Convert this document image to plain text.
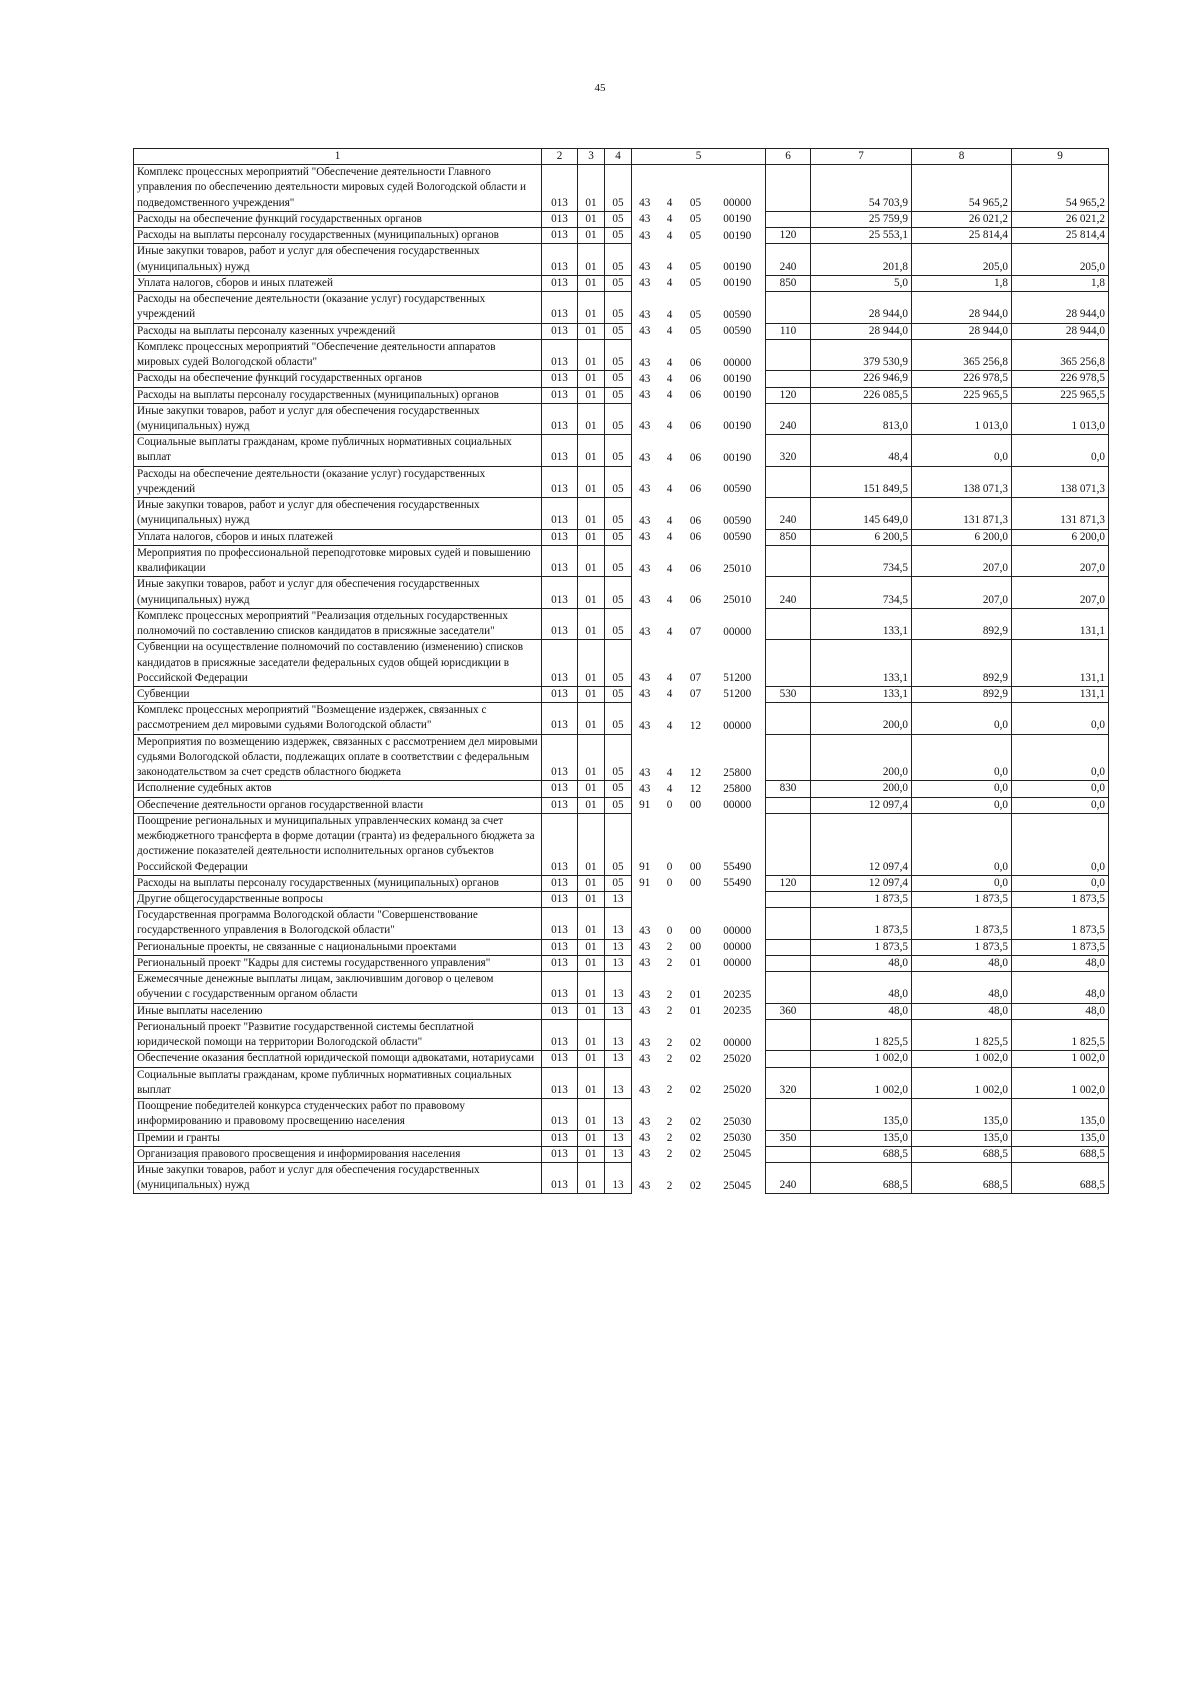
45
1	2	3	4	5				6	7	8	9
Комплекс процессных мероприятий "Обеспечение деятельности Главного управления по обеспечению деятельности мировых судей Вологодской области и подведомственного учреждения"	013	01	05	43	4	05	00000		54 703,9	54 965,2	54 965,2
Расходы на обеспечение функций государственных органов	013	01	05	43	4	05	00190		25 759,9	26 021,2	26 021,2
Расходы на выплаты персоналу государственных (муниципальных) органов	013	01	05	43	4	05	00190	120	25 553,1	25 814,4	25 814,4
Иные закупки товаров, работ и услуг для обеспечения государственных (муниципальных) нужд	013	01	05	43	4	05	00190	240	201,8	205,0	205,0
Уплата налогов, сборов и иных платежей	013	01	05	43	4	05	00190	850	5,0	1,8	1,8
Расходы на обеспечение деятельности (оказание услуг) государственных учреждений	013	01	05	43	4	05	00590		28 944,0	28 944,0	28 944,0
Расходы на выплаты персоналу казенных учреждений	013	01	05	43	4	05	00590	110	28 944,0	28 944,0	28 944,0
Комплекс процессных мероприятий "Обеспечение деятельности аппаратов мировых судей Вологодской области"	013	01	05	43	4	06	00000		379 530,9	365 256,8	365 256,8
Расходы на обеспечение функций государственных органов	013	01	05	43	4	06	00190		226 946,9	226 978,5	226 978,5
Расходы на выплаты персоналу государственных (муниципальных) органов	013	01	05	43	4	06	00190	120	226 085,5	225 965,5	225 965,5
Иные закупки товаров, работ и услуг для обеспечения государственных (муниципальных) нужд	013	01	05	43	4	06	00190	240	813,0	1 013,0	1 013,0
Социальные выплаты гражданам, кроме публичных нормативных социальных выплат	013	01	05	43	4	06	00190	320	48,4	0,0	0,0
Расходы на обеспечение деятельности (оказание услуг) государственных учреждений	013	01	05	43	4	06	00590		151 849,5	138 071,3	138 071,3
Иные закупки товаров, работ и услуг для обеспечения государственных (муниципальных) нужд	013	01	05	43	4	06	00590	240	145 649,0	131 871,3	131 871,3
Уплата налогов, сборов и иных платежей	013	01	05	43	4	06	00590	850	6 200,5	6 200,0	6 200,0
Мероприятия по профессиональной переподготовке мировых судей и повышению квалификации	013	01	05	43	4	06	25010		734,5	207,0	207,0
Иные закупки товаров, работ и услуг для обеспечения государственных (муниципальных) нужд	013	01	05	43	4	06	25010	240	734,5	207,0	207,0
Комплекс процессных мероприятий "Реализация отдельных государственных полномочий по составлению списков кандидатов в присяжные заседатели"	013	01	05	43	4	07	00000		133,1	892,9	131,1
Субвенции на осуществление полномочий по составлению (изменению) списков кандидатов в присяжные заседатели федеральных судов общей юрисдикции в Российской Федерации	013	01	05	43	4	07	51200		133,1	892,9	131,1
Субвенции	013	01	05	43	4	07	51200	530	133,1	892,9	131,1
Комплекс процессных мероприятий "Возмещение издержек, связанных с рассмотрением дел мировыми судьями Вологодской области"	013	01	05	43	4	12	00000		200,0	0,0	0,0
Мероприятия по возмещению издержек, связанных с рассмотрением дел мировыми судьями Вологодской области, подлежащих оплате в соответствии с федеральным законодательством за счет средств областного бюджета	013	01	05	43	4	12	25800		200,0	0,0	0,0
Исполнение судебных актов	013	01	05	43	4	12	25800	830	200,0	0,0	0,0
Обеспечение деятельности органов государственной власти	013	01	05	91	0	00	00000		12 097,4	0,0	0,0
Поощрение региональных и муниципальных управленческих команд за счет межбюджетного трансферта в форме дотации (гранта) из федерального бюджета за достижение показателей деятельности исполнительных органов субъектов Российской Федерации	013	01	05	91	0	00	55490		12 097,4	0,0	0,0
Расходы на выплаты персоналу государственных (муниципальных) органов	013	01	05	91	0	00	55490	120	12 097,4	0,0	0,0
Другие общегосударственные вопросы	013	01	13						1 873,5	1 873,5	1 873,5
Государственная программа Вологодской области "Совершенствование государственного управления в Вологодской области"	013	01	13	43	0	00	00000		1 873,5	1 873,5	1 873,5
Региональные проекты, не связанные с национальными проектами	013	01	13	43	2	00	00000		1 873,5	1 873,5	1 873,5
Региональный проект "Кадры для системы государственного управления"	013	01	13	43	2	01	00000		48,0	48,0	48,0
Ежемесячные денежные выплаты лицам, заключившим договор о целевом обучении с государственным органом области	013	01	13	43	2	01	20235		48,0	48,0	48,0
Иные выплаты населению	013	01	13	43	2	01	20235	360	48,0	48,0	48,0
Региональный проект "Развитие государственной системы бесплатной юридической помощи на территории Вологодской области"	013	01	13	43	2	02	00000		1 825,5	1 825,5	1 825,5
Обеспечение оказания бесплатной юридической помощи адвокатами, нотариусами	013	01	13	43	2	02	25020		1 002,0	1 002,0	1 002,0
Социальные выплаты гражданам, кроме публичных нормативных социальных выплат	013	01	13	43	2	02	25020	320	1 002,0	1 002,0	1 002,0
Поощрение победителей конкурса студенческих работ по правовому информированию и правовому просвещению населения	013	01	13	43	2	02	25030		135,0	135,0	135,0
Премии и гранты	013	01	13	43	2	02	25030	350	135,0	135,0	135,0
Организация правового просвещения и информирования населения	013	01	13	43	2	02	25045		688,5	688,5	688,5
Иные закупки товаров, работ и услуг для обеспечения государственных (муниципальных) нужд	013	01	13	43	2	02	25045	240	688,5	688,5	688,5
